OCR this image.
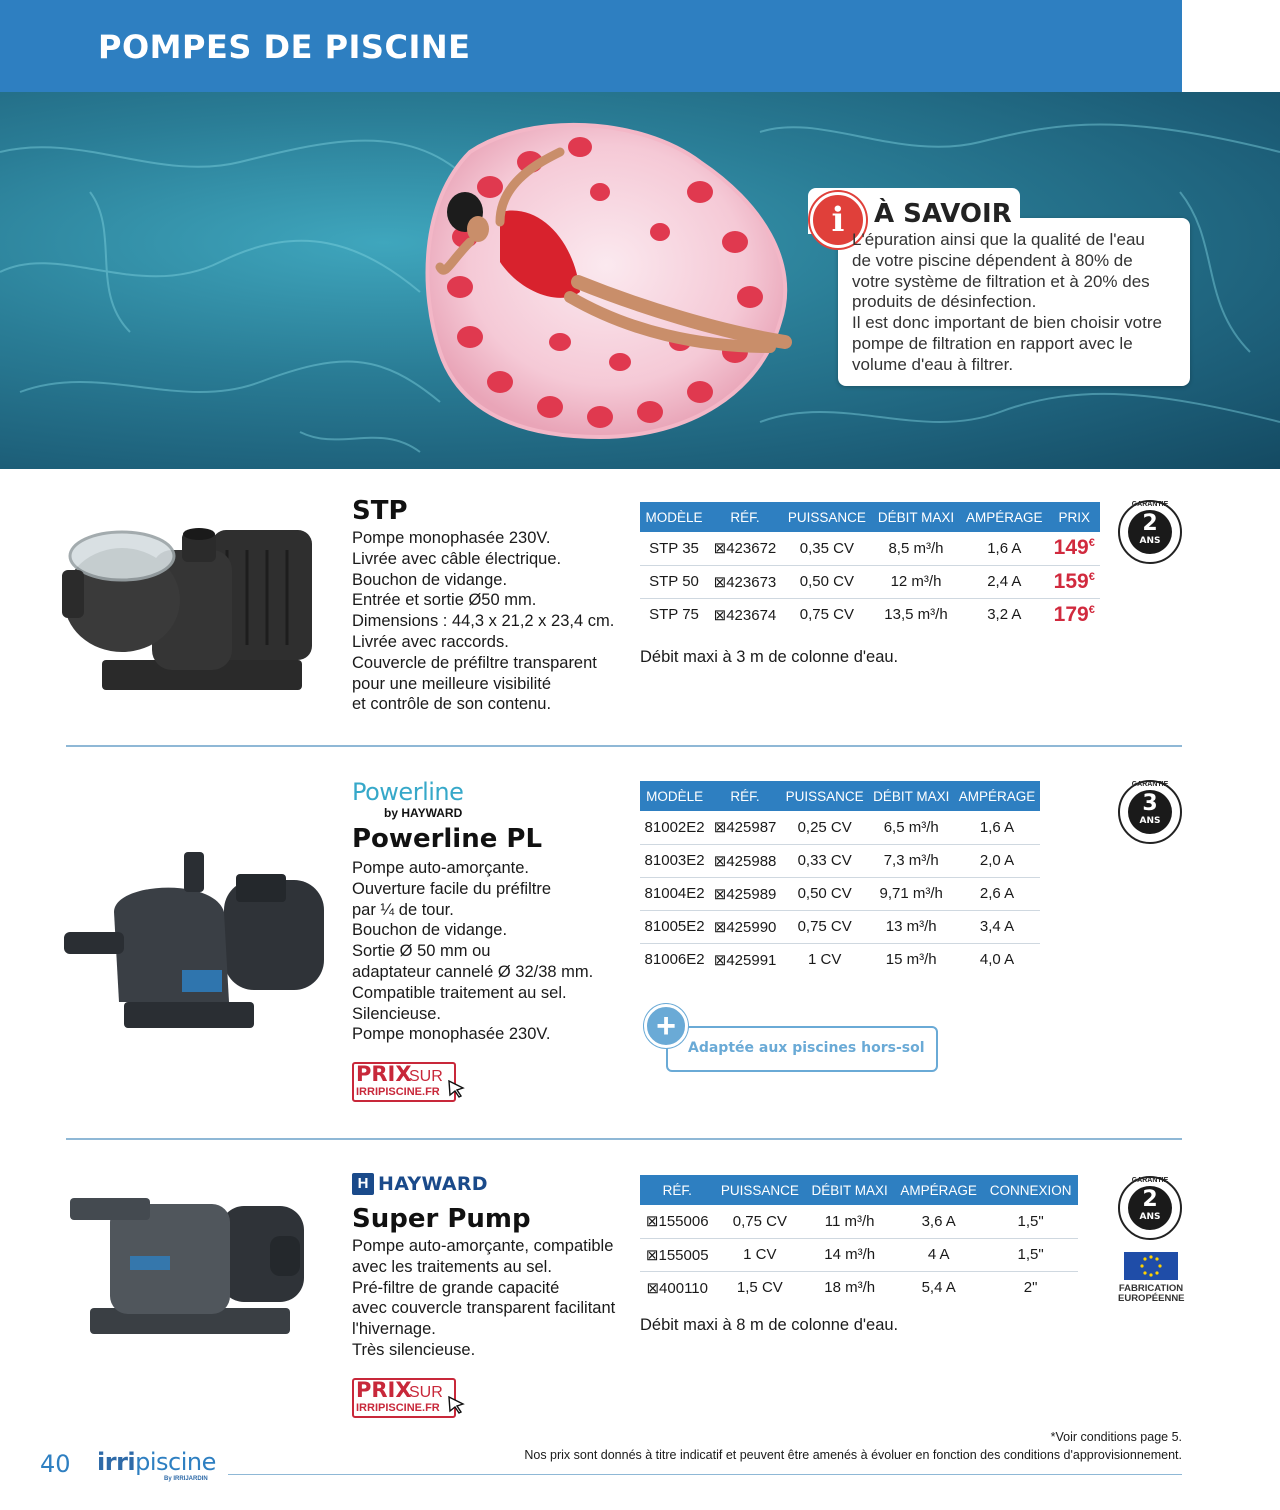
POMPES DE PISCINE
i	À SAVOIR
L'épuration ainsi que la qualité de l'eau
de votre piscine dépendent à 80% de
votre système de filtration et à 20% des
produits de désinfection.
Il est donc important de bien choisir votre
pompe de filtration en rapport avec le
volume d'eau à filtrer.
STP
Pompe monophasée 230V.
Livrée avec câble électrique.
Bouchon de vidange.
Entrée et sortie Ø50 mm.
Dimensions : 44,3 x 21,2 x 23,4 cm.
Livrée avec raccords.
Couvercle de préfiltre transparent
pour une meilleure visibilité
et contrôle de son contenu.
MODÈLE	RÉF.	PUISSANCE	DÉBIT MAXI	AMPÉRAGE	PRIX
STP 35	⊠423672	0,35 CV	8,5 m³/h	1,6 A	149€
STP 50	⊠423673	0,50 CV	12 m³/h	2,4 A	159€
STP 75	⊠423674	0,75 CV	13,5 m³/h	3,2 A	179€
Débit maxi à 3 m de colonne d'eau.
GARANTIE
2
ANS
Powerline
by HAYWARD
Powerline PL
Pompe auto-amorçante.
Ouverture facile du préfiltre
par ¼ de tour.
Bouchon de vidange.
Sortie Ø 50 mm ou
adaptateur cannelé Ø 32/38 mm.
Compatible traitement au sel.
Silencieuse.
Pompe monophasée 230V.
PRIX
SUR
IRRIPISCINE.FR
MODÈLE	RÉF.	PUISSANCE	DÉBIT MAXI	AMPÉRAGE
81002E2	⊠425987	0,25 CV	6,5 m³/h	1,6 A
81003E2	⊠425988	0,33 CV	7,3 m³/h	2,0 A
81004E2	⊠425989	0,50 CV	9,71 m³/h	2,6 A
81005E2	⊠425990	0,75 CV	13 m³/h	3,4 A
81006E2	⊠425991	1 CV	15 m³/h	4,0 A
Adaptée aux piscines hors-sol
+
GARANTIE
3
ANS
H HAYWARD
Super Pump
Pompe auto-amorçante, compatible
avec les traitements au sel.
Pré-filtre de grande capacité
avec couvercle transparent facilitant
l'hivernage.
Très silencieuse.
PRIX
SUR
IRRIPISCINE.FR
RÉF.	PUISSANCE	DÉBIT MAXI	AMPÉRAGE	CONNEXION
⊠155006	0,75 CV	11 m³/h	3,6 A	1,5"
⊠155005	1 CV	14 m³/h	4 A	1,5"
⊠400110	1,5 CV	18 m³/h	5,4 A	2"
Débit maxi à 8 m de colonne d'eau.
GARANTIE
2
ANS
FABRICATION
EUROPÉENNE
*Voir conditions page 5.
Nos prix sont donnés à titre indicatif et peuvent être amenés à évoluer en fonction des conditions d'approvisionnement.
40 irripiscine
By IRRIJARDIN
